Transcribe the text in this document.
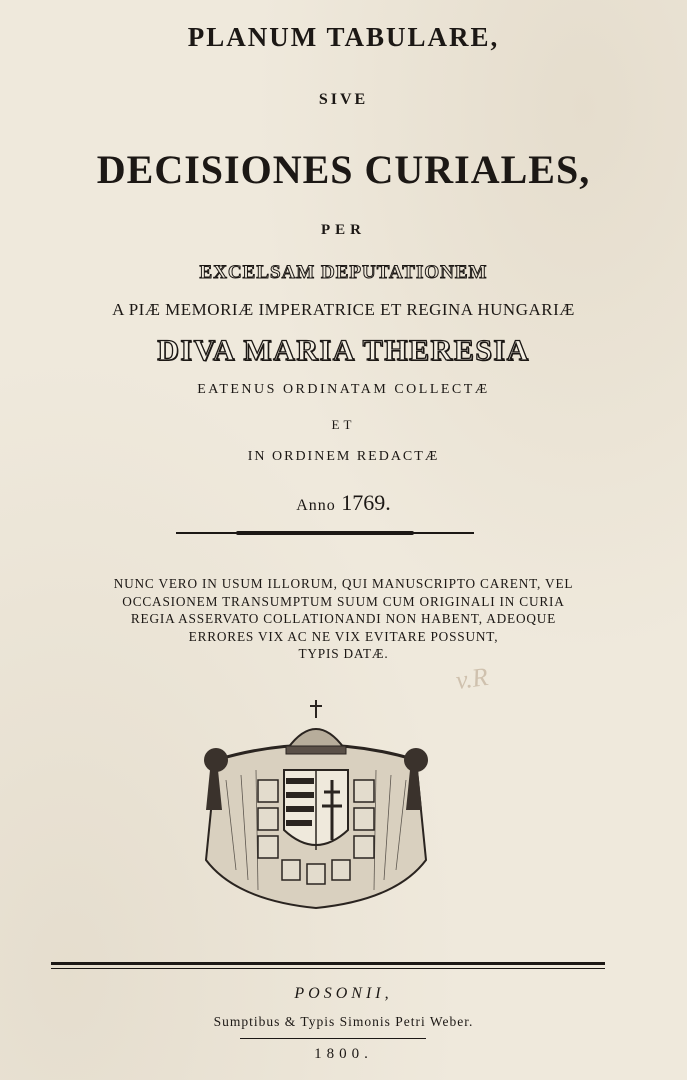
PLANUM TABULARE,
SIVE
DECISIONES CURIALES,
PER
EXCELSAM DEPUTATIONEM
A PIÆ MEMORIÆ IMPERATRICE ET REGINA HUNGARIÆ
DIVA MARIA THERESIA
EATENUS ORDINATAM COLLECTÆ
ET
IN ORDINEM REDACTÆ
Anno 1769.
NUNC VERO IN USUM ILLORUM, QUI MANUSCRIPTO CARENT, VEL
OCCASIONEM TRANSUMPTUM SUUM CUM ORIGINALI IN CURIA
REGIA ASSERVATO COLLATIONANDI NON HABENT, ADEOQUE
ERRORES VIX AC NE VIX EVITARE POSSUNT,
TYPIS DATÆ.
v.R
POSONII,
Sumptibus & Typis Simonis Petri Weber.
1800.
